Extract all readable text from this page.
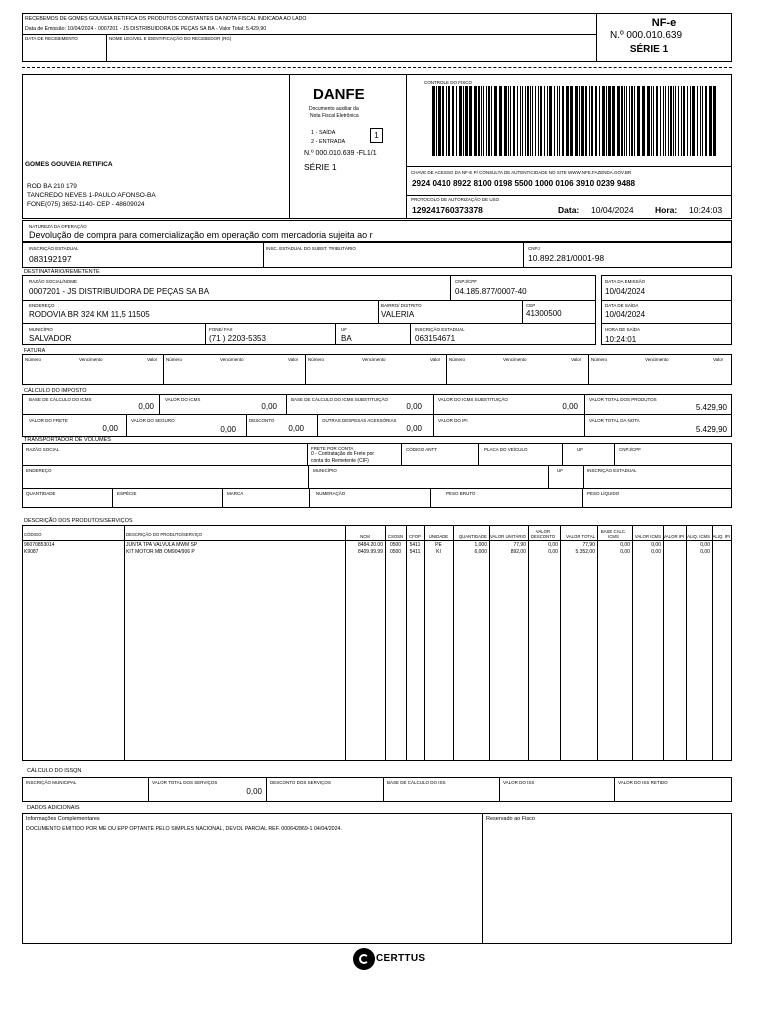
RECEBEMOS DE GOMES GOUVEIA RETIFICA OS PRODUTOS CONSTANTES DA NOTA FISCAL INDICADA AO LADO
Data de Emissão: 10/04/2024 - 0007201 - JS DISTRIBUIDORA DE PEÇAS SA BA - Valor Total: 5.429,90
DATA DE RECEBIMENTO	NOME LEGÍVEL E IDENTIFICAÇÃO DO RECEBEDOR (RG)
NF-e
N.º 000.010.639
SÉRIE 1
GOMES GOUVEIA RETIFICA
ROD BA 210 179
TANCREDO NEVES 1-PAULO AFONSO-BA
FONE(075) 3652-1140- CEP - 48609024
DANFE
Documento auxiliar da
Nota Fiscal Eletrônica
1 - SAÍDA
2 - ENTRADA
1
N.º 000.010.639 -FL1/1
SÉRIE 1
CONTROLE DO FISCO
CHAVE DE ACESSO DA NF-E P/ CONSULTA DE AUTENTICIDADE NO SITE WWW.NFE.FAZENDA.GOV.BR
2924 0410 8922 8100 0198 5500 1000 0106 3910 0239 9488
PROTOCOLO DE AUTORIZAÇÃO DE USO
129241760373378	Data: 10/04/2024	Hora: 10:24:03
NATUREZA DA OPERAÇÃO
Devolução de compra para comercialização em operação com mercadoria sujeita ao r
INSCRIÇÃO ESTADUAL
083192197
INSC. ESTADUAL DO SUBST. TRIBUTÁRIO	CNPJ
10.892.281/0001-98
DESTINATÁRIO/REMETENTE
RAZÃO SOCIAL/NOME
0007201 - JS DISTRIBUIDORA DE PEÇAS SA BA
CNPJ/CPF
04.185.877/0007-40
ENDEREÇO
RODOVIA BR 324 KM 11,5 11505
BAIRRO/ DISTRITO
VALERIA
CEP
41300500
MUNICÍPIO
SALVADOR
FONE/ FAX
(71 ) 2203-5353
UF
BA
INSCRIÇÃO ESTADUAL
063154671
DATA DA EMISSÃO
10/04/2024
DATA DE SAÍDA
10/04/2024
HORA DE SAÍDA
10:24:01
FATURA
Número	Vencimento	Valor Número	Vencimento	Valor Número	Vencimento	Valor Número	Vencimento	Valor Número	Vencimento	Valor
CÁLCULO DO IMPOSTO
BASE DE CÁLCULO DO ICMS
0,00
VALOR DO ICMS
0,00
BASE DE CÁLCULO DO ICMS SUBSTITUIÇÃO
0,00
VALOR DO ICMS SUBSTITUIÇÃO
0,00
VALOR TOTAL DOS PRODUTOS
5.429,90
VALOR DO FRETE
0,00
VALOR DO SEGURO
0,00
DESCONTO
0,00
OUTRAS DESPESAS ACESSÓRIAS
0,00
VALOR DO IPI	VALOR TOTAL DA NOTA
5.429,90
TRANSPORTADOR DE VOLUMES
RAZÃO SOCIAL	FRETE POR CONTA
0 - Contratação do Frete por
conta do Remetente (CIF)
CÓDIGO ANTT	PLACA DO VEÍCULO	UF	CNPJ/CPF
ENDEREÇO	MUNICÍPIO	UF	INSCRIÇÃO ESTADUAL
QUANTIDADE	ESPÉCIE	MARCA	NUMERAÇÃO	PESO BRUTO	PESO LÍQUIDO
DESCRIÇÃO DOS PRODUTOS/SERVIÇOS
CÓDIGO	DESCRIÇÃO DO PRODUTO/SERVIÇO	NCM	CSOSN	CFOP	UNIDADE	QUANTIDADE VALOR UNITÁRIO
VALOR DESCONTO	VALOR TOTAL
BASE CALC. ICMS	VALOR ICMS VALOR IPI ALIQ. ICMS ALIQ. IPI
96070853014	JUNTA TPA VALVULA MWM SP	8484.20.00	0500	5411	PE	1,000	77,90	0,00	77,90	0,00	0,00	0,00
K9087	KIT MOTOR MB OM904/906 P	8409.99.99	0500	5411	KI	6,000	892,00	0,00	5.352,00	0,00	0,00	0,00
CÁLCULO DO ISSQN
INSCRIÇÃO MUNICIPAL	VALOR TOTAL DOS SERVIÇOS
0,00
DESCONTO DOS SERVIÇOS	BASE DE CÁLCULO DO ISS	VALOR DO ISS	VALOR DO ISS RETIDO
DADOS ADICIONAIS
Informações Complementares
DOCUMENTO EMITIDO POR ME OU EPP OPTANTE PELO SIMPLES NACIONAL, DEVOL PARCIAL REF. 000642869-1 04/04/2024.
Reservado ao Fisco
CERTTUS
